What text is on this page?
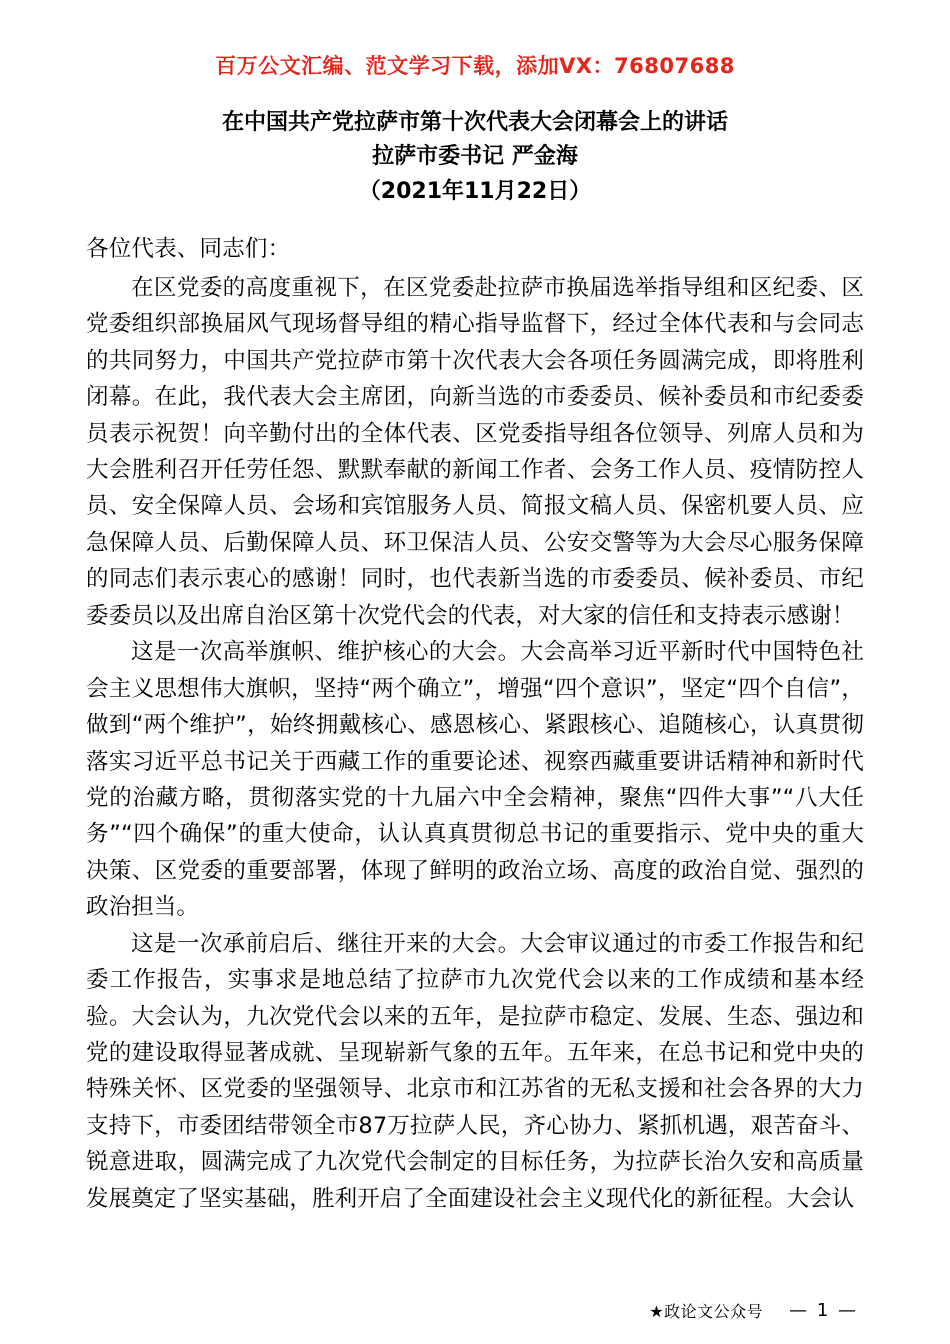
百万公文汇编、范文学习下载，添加VX：76807688
在中国共产党拉萨市第十次代表大会闭幕会上的讲话
拉萨市委书记 严金海
（2021年11月22日）

各位代表、同志们：

在区党委的高度重视下，在区党委赴拉萨市换届选举指导组和区纪委、区党委组织部换届风气现场督导组的精心指导监督下，经过全体代表和与会同志的共同努力，中国共产党拉萨市第十次代表大会各项任务圆满完成，即将胜利闭幕。在此，我代表大会主席团，向新当选的市委委员、候补委员和市纪委委员表示祝贺！向辛勤付出的全体代表、区党委指导组各位领导、列席人员和为大会胜利召开任劳任怨、默默奉献的新闻工作者、会务工作人员、疫情防控人员、安全保障人员、会场和宾馆服务人员、简报文稿人员、保密机要人员、应急保障人员、后勤保障人员、环卫保洁人员、公安交警等为大会尽心服务保障的同志们表示衷心的感谢！同时，也代表新当选的市委委员、候补委员、市纪委委员以及出席自治区第十次党代会的代表，对大家的信任和支持表示感谢！

这是一次高举旗帜、维护核心的大会。大会高举习近平新时代中国特色社会主义思想伟大旗帜，坚持“两个确立”，增强“四个意识”，坚定“四个自信”，做到“两个维护”，始终拥戴核心、感恩核心、紧跟核心、追随核心，认真贯彻落实习近平总书记关于西藏工作的重要论述、视察西藏重要讲话精神和新时代党的治藏方略，贯彻落实党的十九届六中全会精神，聚焦“四件大事”“八大任务”“四个确保”的重大使命，认认真真贯彻总书记的重要指示、党中央的重大决策、区党委的重要部署，体现了鲜明的政治立场、高度的政治自觉、强烈的政治担当。

这是一次承前启后、继往开来的大会。大会审议通过的市委工作报告和纪委工作报告，实事求是地总结了拉萨市九次党代会以来的工作成绩和基本经验。大会认为，九次党代会以来的五年，是拉萨市稳定、发展、生态、强边和党的建设取得显著成就、呈现崭新气象的五年。五年来，在总书记和党中央的特殊关怀、区党委的坚强领导、北京市和江苏省的无私支援和社会各界的大力支持下，市委团结带领全市87万拉萨人民，齐心协力、紧抓机遇，艰苦奋斗、锐意进取，圆满完成了九次党代会制定的目标任务，为拉萨长治久安和高质量发展奠定了坚实基础，胜利开启了全面建设社会主义现代化的新征程。大会认

★政论文公众号 — 1 —
